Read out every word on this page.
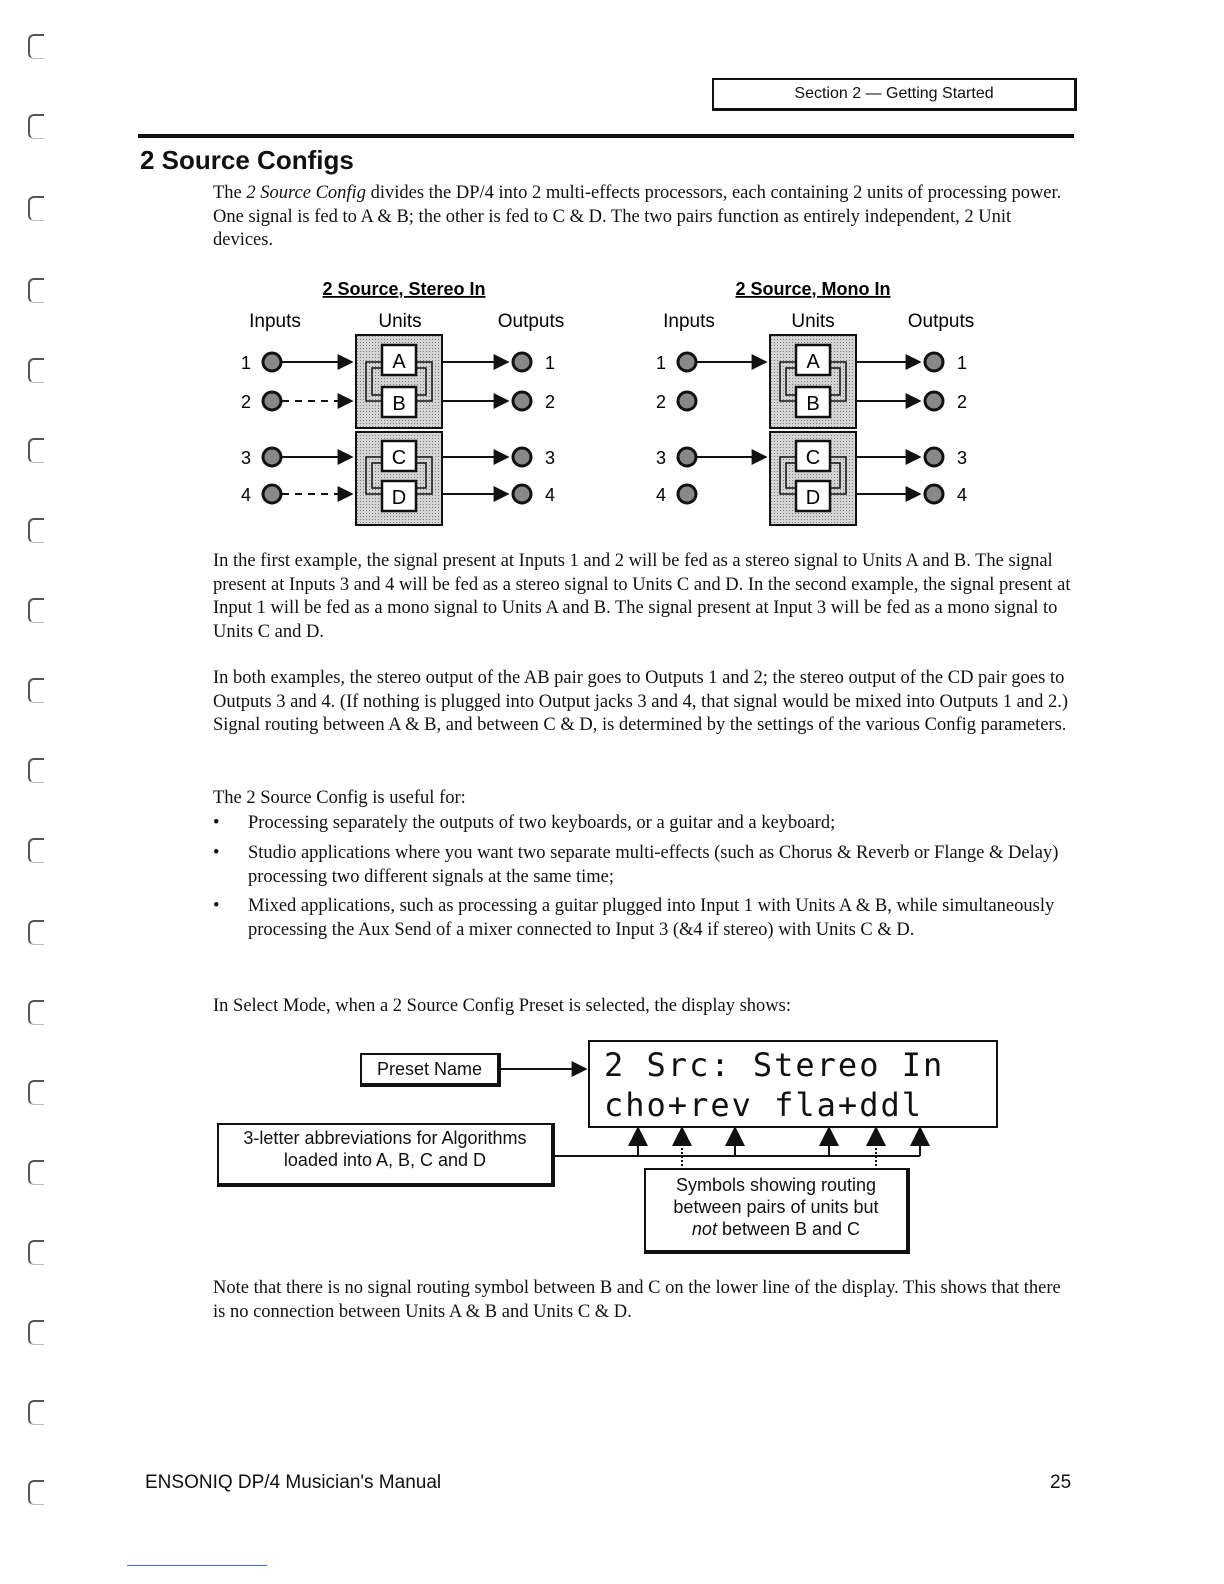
Section 2 — Getting Started
2 Source Configs

The 2 Source Config divides the DP/4 into 2 multi-effects processors, each containing 2 units of processing power. One signal is fed to A & B; the other is fed to C & D. The two pairs function as entirely independent, 2 Unit devices.

2 Source, Stereo In
Inputs	Units	Outputs
1
2
3
4
A
B
C
D
1
2
3
4
2 Source, Mono In
Inputs	Units	Outputs
1
2
3
4
A
B
C
D
1
2
3
4

In the first example, the signal present at Inputs 1 and 2 will be fed as a stereo signal to Units A and B. The signal present at Inputs 3 and 4 will be fed as a stereo signal to Units C and D. In the second example, the signal present at Input 1 will be fed as a mono signal to Units A and B. The signal present at Input 3 will be fed as a mono signal to Units C and D.

In both examples, the stereo output of the AB pair goes to Outputs 1 and 2; the stereo output of the CD pair goes to Outputs 3 and 4. (If nothing is plugged into Output jacks 3 and 4, that signal would be mixed into Outputs 1 and 2.) Signal routing between A & B, and between C & D, is determined by the settings of the various Config parameters.

The 2 Source Config is useful for:

• Processing separately the outputs of two keyboards, or a guitar and a keyboard;
• Studio applications where you want two separate multi-effects (such as Chorus & Reverb or Flange & Delay) processing two different signals at the same time;
• Mixed applications, such as processing a guitar plugged into Input 1 with Units A & B, while simultaneously processing the Aux Send of a mixer connected to Input 3 (&4 if stereo) with Units C & D.

In Select Mode, when a 2 Source Config Preset is selected, the display shows:

Preset Name	2 Src: Stereo In
cho+rev fla+ddl
3-letter abbreviations for Algorithms
loaded into A, B, C and D
Symbols showing routing
between pairs of units but
not between B and C

Note that there is no signal routing symbol between B and C on the lower line of the display. This shows that there is no connection between Units A & B and Units C & D.

ENSONIQ DP/4 Musician's Manual	25
